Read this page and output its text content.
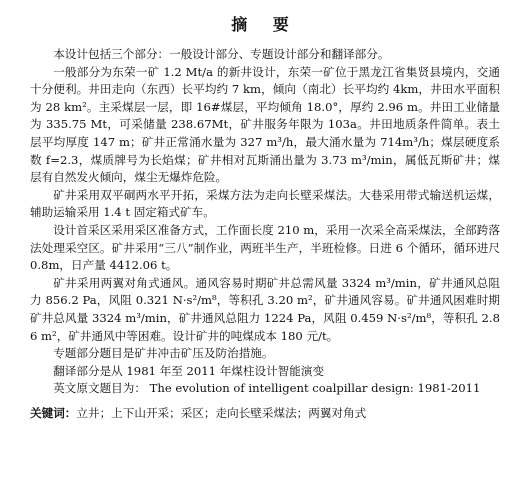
摘 要

本设计包括三个部分：一般设计部分、专题设计部分和翻译部分。

一般部分为东荣一矿 1.2 Mt/a 的新井设计，东荣一矿位于黑龙江省集贤县境内，交通十分便利。井田走向（东西）长平均约 7 km，倾向（南北）长平均约 4km，井田水平面积为 28 km²。主采煤层一层，即 16#煤层，平均倾角 18.0°，厚约 2.96 m。井田工业储量为 335.75 Mt，可采储量 238.67Mt，矿井服务年限为 103a。井田地质条件简单。表土层平均厚度 147 m；矿井正常涌水量为 327 m³/h，最大涌水量为 714m³/h；煤层硬度系数 f=2.3，煤质牌号为长焰煤；矿井相对瓦斯涌出量为 3.73 m³/min，属低瓦斯矿井；煤层有自然发火倾向，煤尘无爆炸危险。

矿井采用双平硐两水平开拓，采煤方法为走向长壁采煤法。大巷采用带式输送机运煤，辅助运输采用 1.4 t 固定箱式矿车。

设计首采区采用采区准备方式，工作面长度 210 m，采用一次采全高采煤法，全部跨落法处理采空区。矿井采用“三八”制作业，两班半生产，半班检修。日进 6 个循环，循环进尺 0.8m，日产量 4412.06 t。

矿井采用两翼对角式通风。通风容易时期矿井总需风量 3324 m³/min，矿井通风总阻力 856.2 Pa，风阻 0.321 N·s²/m⁸，等积孔 3.20 m²，矿井通风容易。矿井通风困难时期矿井总风量 3324 m³/min，矿井通风总阻力 1224 Pa，风阻 0.459 N·s²/m⁸，等积孔 2.86 m²，矿井通风中等困难。设计矿井的吨煤成本 180 元/t。

专题部分题目是矿井冲击矿压及防治措施。

翻译部分是从 1981 年至 2011 年煤柱设计智能演变

英文原文题目为： The evolution of intelligent coalpillar design: 1981-2011

关键词：立井；上下山开采；采区；走向长壁采煤法；两翼对角式
